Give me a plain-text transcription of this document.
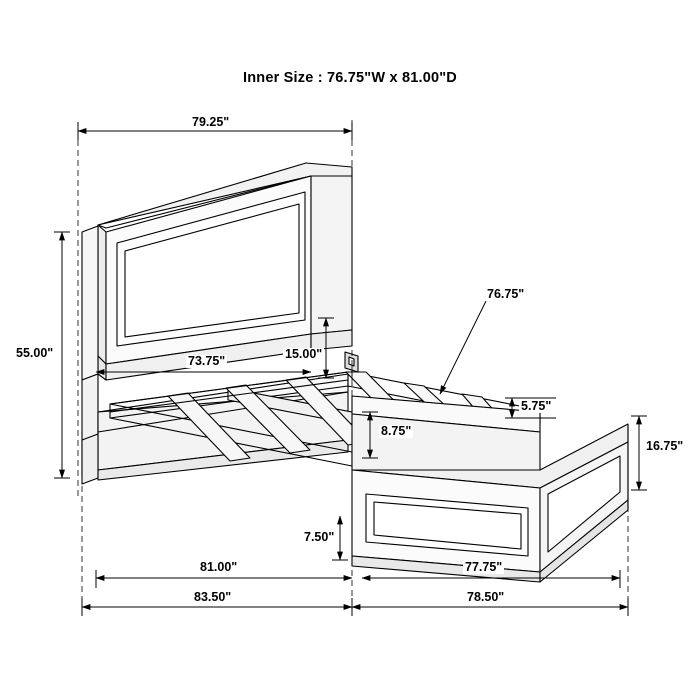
Inner Size : 76.75"W x 81.00"D
79.25"
55.00"
73.75"	15.00"
76.75"
5.75"
8.75"
16.75"
7.50"
81.00"
83.50"
77.75"
78.50"
